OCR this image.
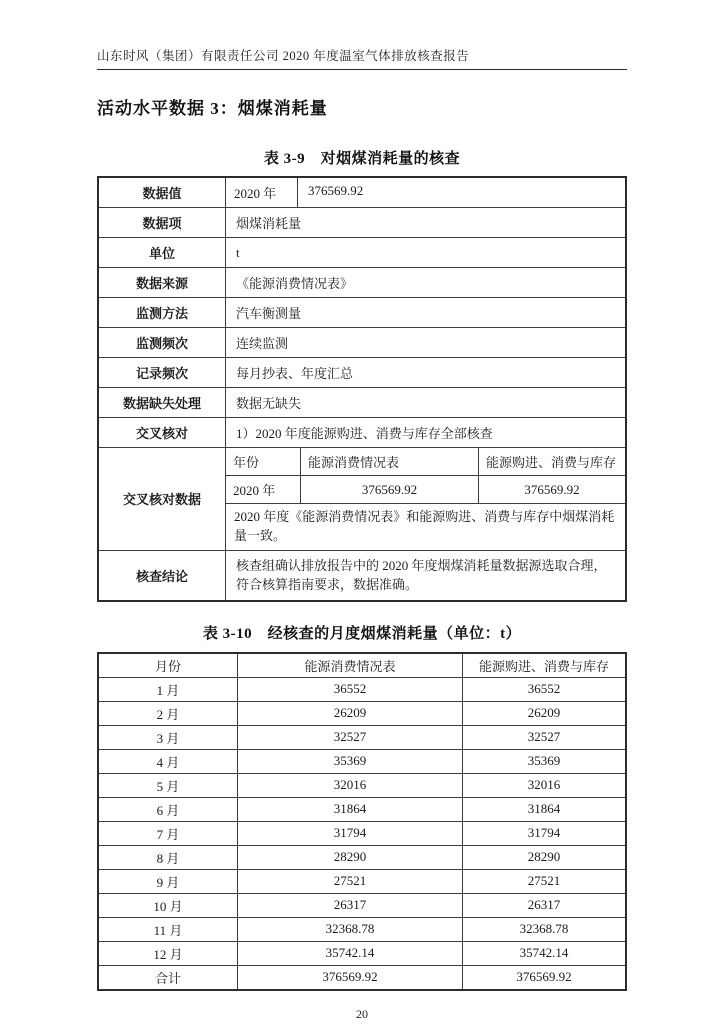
山东时风（集团）有限责任公司 2020 年度温室气体排放核查报告
活动水平数据 3：烟煤消耗量
表 3-9　对烟煤消耗量的核查
数据值	2020 年	376569.92

数据项	烟煤消耗量
单位	t
数据来源	《能源消费情况表》
监测方法	汽车衡测量
监测频次	连续监测
记录频次	每月抄表、年度汇总
数据缺失处理	数据无缺失
交叉核对	1）2020 年度能源购进、消费与库存全部核查
交叉核对数据	
年份	能源消费情况表	能源购进、消费与库存
2020 年	376569.92	376569.92
2020 年度《能源消费情况表》和能源购进、消费与库存中烟煤消耗量一致。

核查结论	核查组确认排放报告中的 2020 年度烟煤消耗量数据源选取合理，符合核算指南要求，数据准确。
表 3-10　经核查的月度烟煤消耗量（单位：t）
月份	能源消费情况表	能源购进、消费与库存
1 月	36552	36552
2 月	26209	26209
3 月	32527	32527
4 月	35369	35369
5 月	32016	32016
6 月	31864	31864
7 月	31794	31794
8 月	28290	28290
9 月	27521	27521
10 月	26317	26317
11 月	32368.78	32368.78
12 月	35742.14	35742.14
合计	376569.92	376569.92
20
